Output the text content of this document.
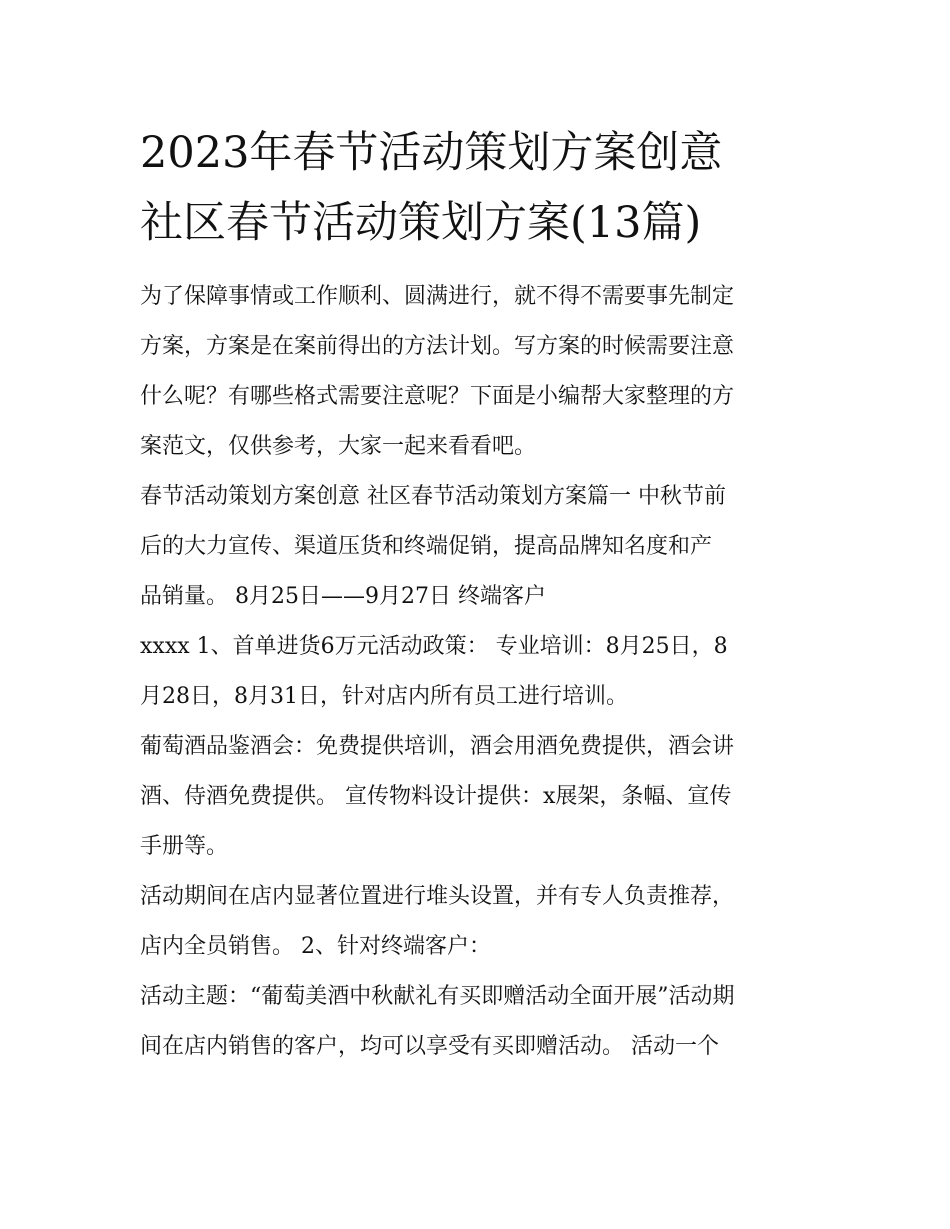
2023年春节活动策划方案创意
社区春节活动策划方案(13篇)

为了保障事情或工作顺利、圆满进行，就不得不需要事先制定
方案，方案是在案前得出的方法计划。写方案的时候需要注意
什么呢？有哪些格式需要注意呢？下面是小编帮大家整理的方
案范文，仅供参考，大家一起来看看吧。

春节活动策划方案创意 社区春节活动策划方案篇一 中秋节前
后的大力宣传、渠道压货和终端促销，提高品牌知名度和产
品销量。 8月25日——9月27日 终端客户

xxxx 1、首单进货6万元活动政策： 专业培训：8月25日，8
月28日，8月31日，针对店内所有员工进行培训。

葡萄酒品鉴酒会：免费提供培训，酒会用酒免费提供，酒会讲
酒、侍酒免费提供。 宣传物料设计提供：x展架，条幅、宣传
手册等。

活动期间在店内显著位置进行堆头设置，并有专人负责推荐，
店内全员销售。 2、针对终端客户：

活动主题：“葡萄美酒中秋献礼有买即赠活动全面开展”活动期
间在店内销售的客户，均可以享受有买即赠活动。 活动一个
